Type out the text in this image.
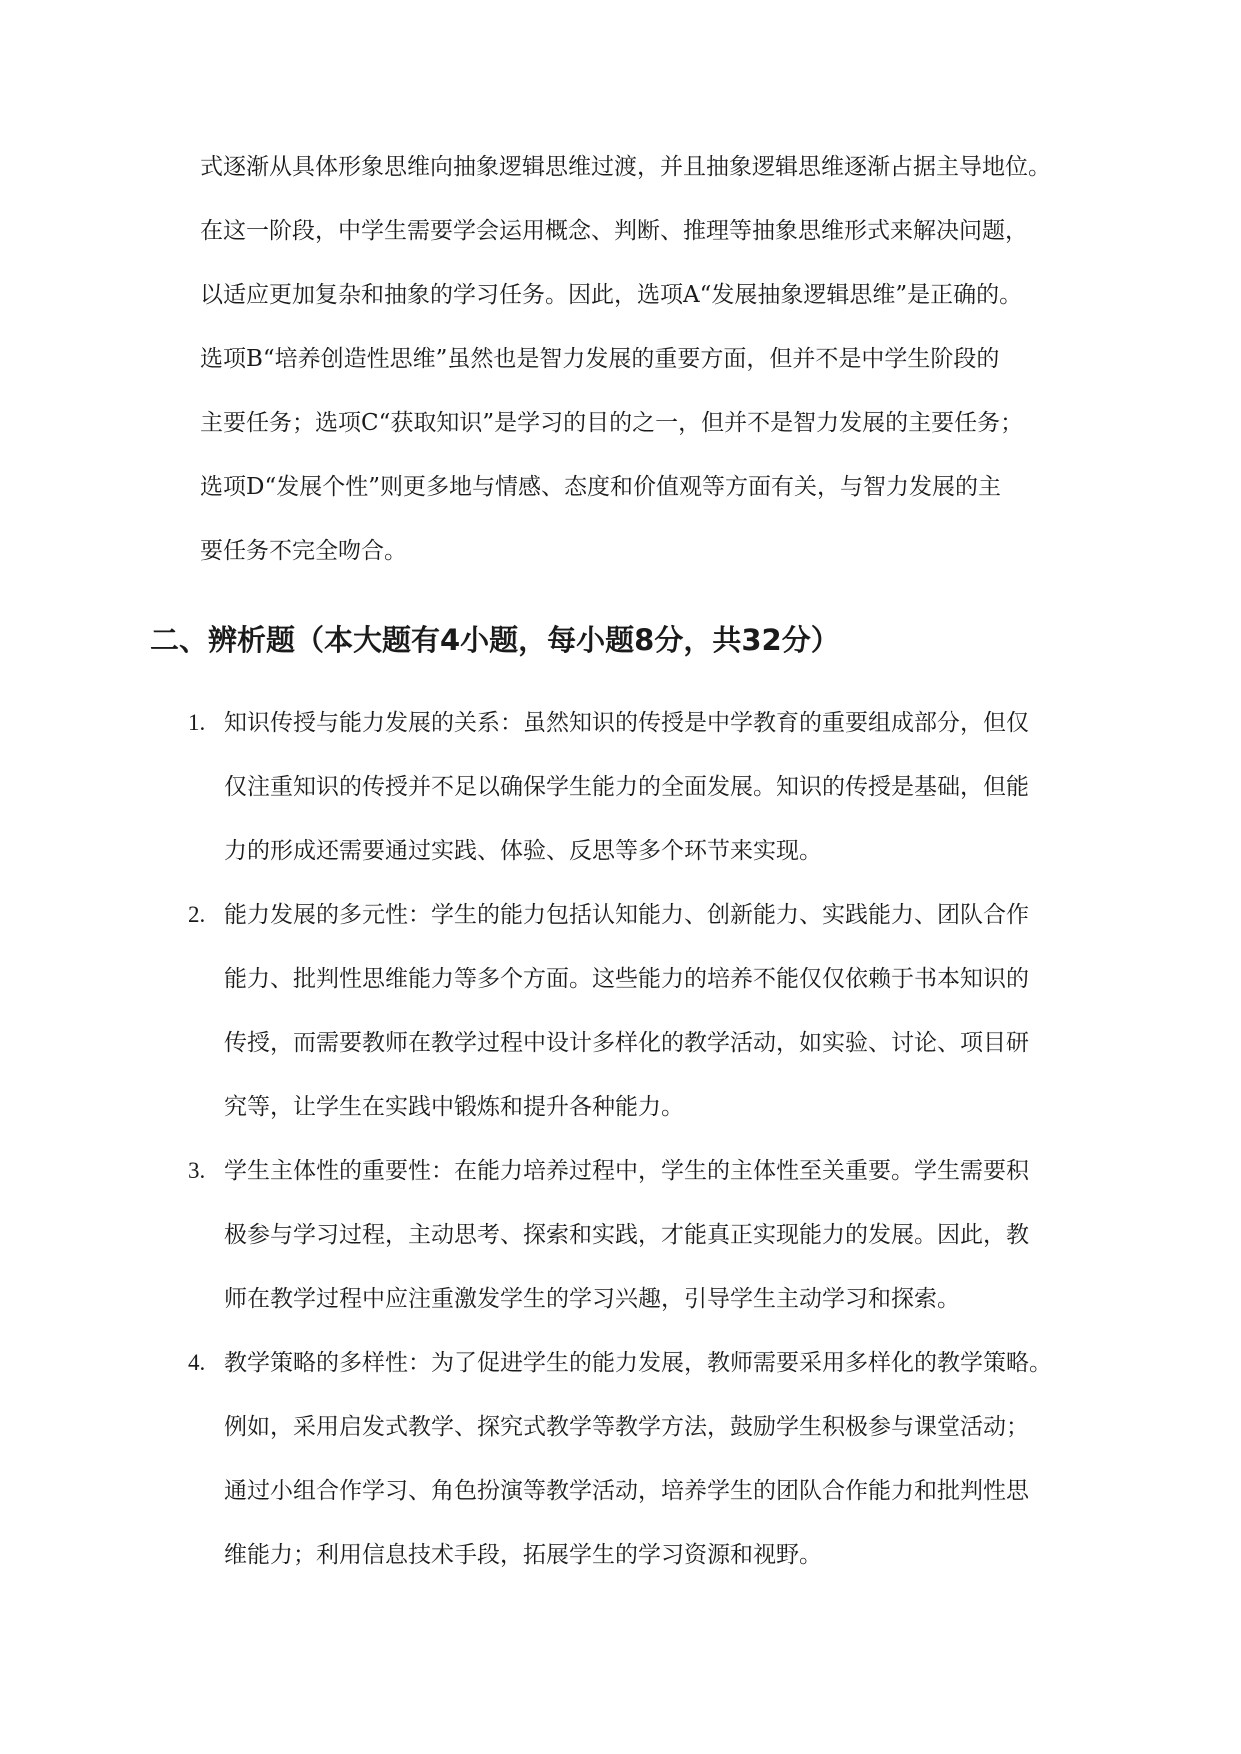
式逐渐从具体形象思维向抽象逻辑思维过渡，并且抽象逻辑思维逐渐占据主导地位。
在这一阶段，中学生需要学会运用概念、判断、推理等抽象思维形式来解决问题，
以适应更加复杂和抽象的学习任务。因此，选项A“发展抽象逻辑思维”是正确的。
选项B“培养创造性思维”虽然也是智力发展的重要方面，但并不是中学生阶段的
主要任务；选项C“获取知识”是学习的目的之一，但并不是智力发展的主要任务；
选项D“发展个性”则更多地与情感、态度和价值观等方面有关，与智力发展的主
要任务不完全吻合。
二、辨析题（本大题有4小题，每小题8分，共32分）
1. 知识传授与能力发展的关系：虽然知识的传授是中学教育的重要组成部分，但仅
仅注重知识的传授并不足以确保学生能力的全面发展。知识的传授是基础，但能
力的形成还需要通过实践、体验、反思等多个环节来实现。
2. 能力发展的多元性：学生的能力包括认知能力、创新能力、实践能力、团队合作
能力、批判性思维能力等多个方面。这些能力的培养不能仅仅依赖于书本知识的
传授，而需要教师在教学过程中设计多样化的教学活动，如实验、讨论、项目研
究等，让学生在实践中锻炼和提升各种能力。
3. 学生主体性的重要性：在能力培养过程中，学生的主体性至关重要。学生需要积
极参与学习过程，主动思考、探索和实践，才能真正实现能力的发展。因此，教
师在教学过程中应注重激发学生的学习兴趣，引导学生主动学习和探索。
4. 教学策略的多样性：为了促进学生的能力发展，教师需要采用多样化的教学策略。
例如，采用启发式教学、探究式教学等教学方法，鼓励学生积极参与课堂活动；
通过小组合作学习、角色扮演等教学活动，培养学生的团队合作能力和批判性思
维能力；利用信息技术手段，拓展学生的学习资源和视野。
